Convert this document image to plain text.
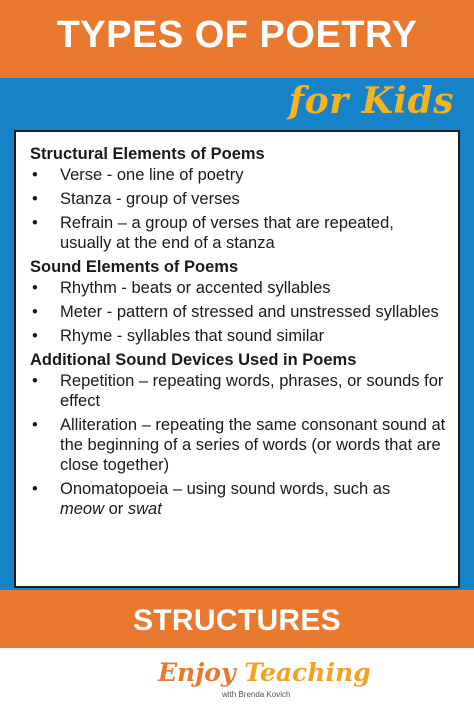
TYPES OF POETRY
for Kids

Structural Elements of Poems

• Verse - one line of poetry
• Stanza - group of verses
• Refrain – a group of verses that are repeated, usually at the end of a stanza

Sound Elements of Poems

• Rhythm - beats or accented syllables
• Meter - pattern of stressed and unstressed syllables
• Rhyme - syllables that sound similar

Additional Sound Devices Used in Poems

• Repetition – repeating words, phrases, or sounds for effect
• Alliteration – repeating the same consonant sound at the beginning of a series of words (or words that are close together)
• Onomatopoeia – using sound words, such as
meow or swat
STRUCTURES
Enjoy Teaching
with Brenda Kovich
